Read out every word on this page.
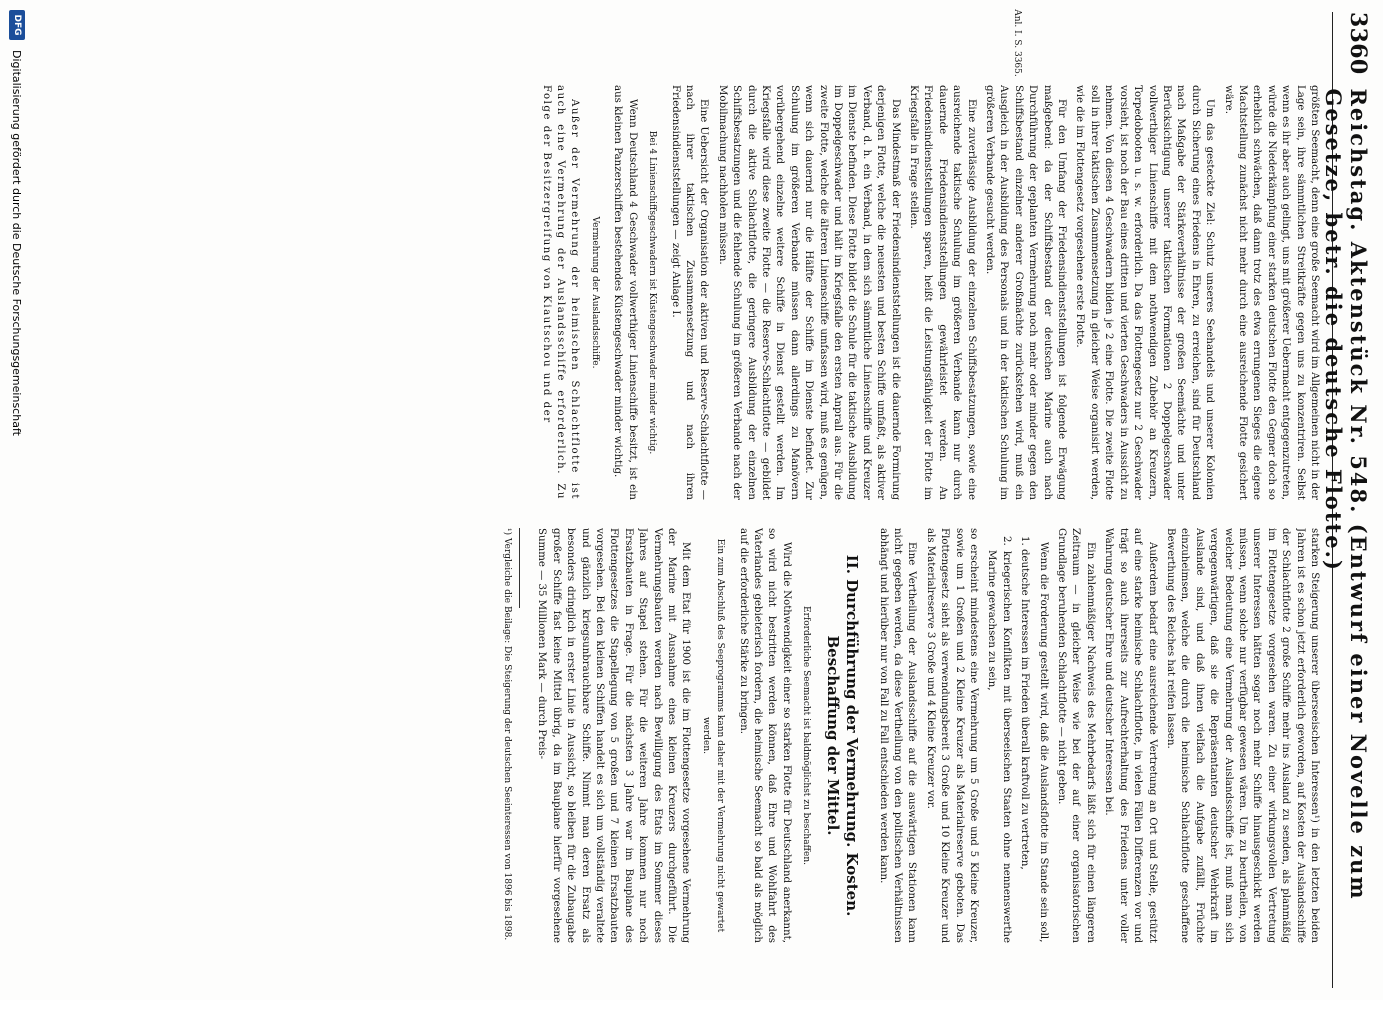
3360
Reichstag. Aktenstück Nr. 548. (Entwurf einer Novelle zum Gesetze, betr. die deutsche Flotte.)
Anl. I. S. 3365.

größten Seemacht, denn eine große Seemacht wird im Allgemeinen nicht in der Lage sein, ihre sämmtlichen Streitkräfte gegen uns zu konzentriren. Selbst wenn es ihr aber auch gelingt, uns mit größerer Uebermacht entgegenzutreten, würde die Niederkämpfung einer starken deutschen Flotte den Gegner doch so erheblich schwächen, daß dann trotz des etwa errungenen Sieges die eigene Machtstellung zunächst nicht mehr durch eine ausreichende Flotte gesichert wäre.

Um das gesteckte Ziel: Schutz unseres Seehandels und unserer Kolonien durch Sicherung eines Friedens in Ehren, zu erreichen, sind für Deutschland nach Maßgabe der Stärkeverhältnisse der großen Seemächte und unter Berücksichtigung unserer taktischen Formationen 2 Doppelgeschwader vollwerthiger Linienschiffe mit dem nothwendigen Zubehör an Kreuzern, Torpedobooten u. s. w. erforderlich. Da das Flottengesetz nur 2 Geschwader vorsieht, ist noch der Bau eines dritten und vierten Geschwaders in Aussicht zu nehmen. Von diesen 4 Geschwadern bilden je 2 eine Flotte. Die zweite Flotte soll in ihrer taktischen Zusammensetzung in gleicher Weise organisirt werden, wie die im Flottengesetz vorgesehene erste Flotte.

Für den Umfang der Friedensindienststellungen ist folgende Erwägung maßgebend: da der Schiffsbestand der deutschen Marine auch nach Durchführung der geplanten Vermehrung noch mehr oder minder gegen den Schiffsbestand einzelner anderer Großmächte zurückstehen wird, muß ein Ausgleich in der Ausbildung des Personals und in der taktischen Schulung im größeren Verbande gesucht werden.

Eine zuverlässige Ausbildung der einzelnen Schiffsbesatzungen, sowie eine ausreichende taktische Schulung im größeren Verbande kann nur durch dauernde Friedensindienststellungen gewährleistet werden. An Friedensindienststellungen sparen, heißt die Leistungsfähigkeit der Flotte im Kriegsfalle in Frage stellen.

Das Mindestmaß der Friedensindienststellungen ist die dauernde Formirung derjenigen Flotte, welche die neuesten und besten Schiffe umfaßt, als aktiver Verband, d. h. ein Verband, in dem sich sämmtliche Linienschiffe und Kreuzer im Dienste befinden. Diese Flotte bildet die Schule für die taktische Ausbildung im Doppelgeschwader und hält im Kriegsfalle den ersten Anprall aus. Für die zweite Flotte, welche die älteren Linienschiffe umfassen wird, muß es genügen, wenn sich dauernd nur die Hälfte der Schiffe im Dienste befindet. Zur Schulung im größeren Verbande müssen dann allerdings zu Manövern vorübergehend einzelne weitere Schiffe in Dienst gestellt werden. Im Kriegsfalle wird diese zweite Flotte — die Reserve-Schlachtflotte — gebildet durch die aktive Schlachtflotte, die geringere Ausbildung der einzelnen Schiffsbesatzungen und die fehlende Schulung im größeren Verbande nach der Mobilmachung nachholen müssen.

Eine Uebersicht der Organisation der aktiven und Reserve-Schlachtflotte — nach ihrer taktischen Zusammensetzung und nach ihren Friedensindienststellungen — zeigt Anlage I.

Bei 4 Linienschiffsgeschwadern ist Küstengeschwader minder wichtig.

Wenn Deutschland 4 Geschwader vollwerthiger Linienschiffe besitzt, ist ein aus kleinen Panzerschiffen bestehendes Küstengeschwader minder wichtig.

Vermehrung der Auslandsschiffe.

Außer der Vermehrung der heimischen Schlachtflotte ist auch eine Vermehrung der Auslandsschiffe erforderlich. Zu Folge der Besitzergreifung von Kiautschou und der

starken Steigerung unserer überseeischen Interessen¹) in den letzten beiden Jahren ist es schon jetzt erforderlich geworden, auf Kosten der Auslandsschiffe der Schlachtflotte 2 große Schiffe mehr ins Ausland zu senden, als planmäßig im Flottengesetze vorgesehen waren. Zu einer wirkungsvollen Vertretung unserer Interessen hätten sogar noch mehr Schiffe hinausgeschickt werden müssen, wenn solche nur verfügbar gewesen wären. Um zu beurtheilen, von welcher Bedeutung eine Vermehrung der Auslandsschiffe ist, muß man sich vergegenwärtigen, daß sie die Repräsentanten deutscher Wehrkraft im Auslande sind, und daß ihnen vielfach die Aufgabe zufällt, Früchte einzuheimsen, welche die durch die heimische Schlachtflotte geschaffene Bewerthung des Reiches hat reifen lassen.

Außerdem bedarf eine ausreichende Vertretung an Ort und Stelle, gestützt auf eine starke heimische Schlachtflotte, in vielen Fällen Differenzen vor und trägt so auch ihrerseits zur Aufrechterhaltung des Friedens unter voller Wahrung deutscher Ehre und deutscher Interessen bei.

Ein zahlenmäßiger Nachweis des Mehrbedarfs läßt sich für einen längeren Zeitraum — in gleicher Weise wie bei der auf einer organisatorischen Grundlage beruhenden Schlachtflotte — nicht geben.

Wenn die Forderung gestellt wird, daß die Auslandsflotte im Stande sein soll,

1. deutsche Interessen im Frieden überall kraftvoll zu vertreten,

2. kriegerischen Konflikten mit überseeischen Staaten ohne nennenswerthe Marine gewachsen zu sein,

so erscheint mindestens eine Vermehrung um 5 Große und 5 Kleine Kreuzer, sowie um 1 Großen und 2 Kleine Kreuzer als Materialreserve geboten. Das Flottengesetz sieht als verwendungsbereit 3 Große und 10 Kleine Kreuzer und als Materialreserve 3 Große und 4 Kleine Kreuzer vor.

Eine Vertheilung der Auslandsschiffe auf die auswärtigen Stationen kann nicht gegeben werden, da diese Vertheilung von den politischen Verhältnissen abhängt und hierüber nur von Fall zu Fall entschieden werden kann.

II. Durchführung der Vermehrung. Kosten. Beschaffung der Mittel.

Erforderliche Seemacht ist baldmöglichst zu beschaffen.

Wird die Nothwendigkeit einer so starken Flotte für Deutschland anerkannt, so wird nicht bestritten werden können, daß Ehre und Wohlfahrt des Vaterlandes gebieterisch fordern, die heimische Seemacht so bald als möglich auf die erforderliche Stärke zu bringen.

Ein zum Abschluß des Seeprogramms kann daher mit der Vermehrung nicht gewartet werden.

Mit dem Etat für 1900 ist die im Flottengesetze vorgesehene Vermehrung der Marine mit Ausnahme eines kleinen Kreuzers durchgeführt. Die Vermehrungsbauten werden nach Bewilligung des Etats im Sommer dieses Jahres auf Stapel stehen. Für die weiteren Jahre kommen nur noch Ersatzbauten in Frage. Für die nächsten 3 Jahre war im Bauplane des Flottengesetzes die Stapellegung von 5 großen und 7 kleinen Ersatzbauten vorgesehen. Bei den kleinen Schiffen handelt es sich um vollständig veraltete und gänzlich kriegsunbrauchbare Schiffe. Nimmt man deren Ersatz als besonders dringlich in erster Linie in Aussicht, so bleiben für die Zubaugabe großer Schiffe fast keine Mittel übrig, da im Bauplane hierfür vorgesehene Summe — 35 Millionen Mark — durch Preis-

¹) Vergleiche die Beilage: Die Steigerung der deutschen Seeinteressen von 1896 bis 1898.

DFG
Digitalisierung gefördert durch die Deutsche Forschungsgemeinschaft
